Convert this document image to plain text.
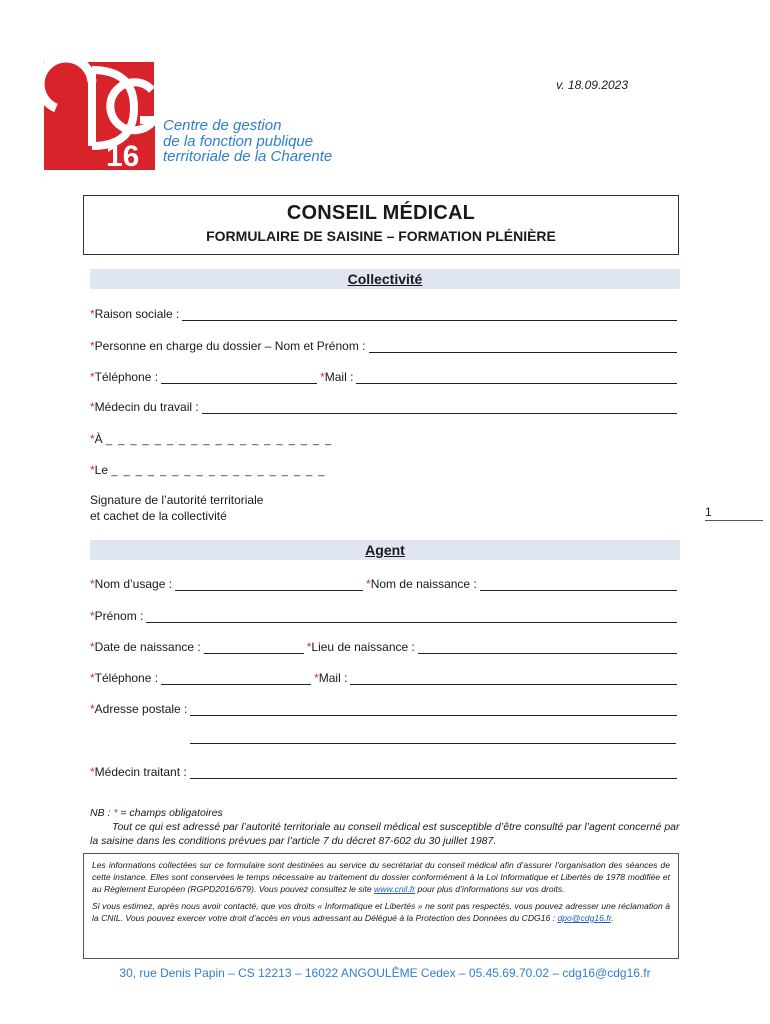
16
Centre de gestion
de la fonction publique
territoriale de la Charente
v. 18.09.2023
CONSEIL MÉDICAL
FORMULAIRE DE SAISINE – FORMATION PLÉNIÈRE
Collectivité
*Raison sociale :
*Personne en charge du dossier – Nom et Prénom :
*Téléphone :	*Mail :
*Médecin du travail :
*À _ _ _ _ _ _ _ _ _ _ _ _ _ _ _ _ _ _ _
*Le _ _ _ _ _ _ _ _ _ _ _ _ _ _ _ _ _ _
Signature de l’autorité territoriale
et cachet de la collectivité	1
Agent
*Nom d’usage :	*Nom de naissance :
*Prénom :
*Date de naissance :	*Lieu de naissance :
*Téléphone :	*Mail :
*Adresse postale :
*Médecin traitant :
NB : * = champs obligatoires
Tout ce qui est adressé par l’autorité territoriale au conseil médical est susceptible d’être consulté par l’agent concerné par la saisine dans les conditions prévues par l’article 7 du décret 87-602 du 30 juillet 1987.

Les informations collectées sur ce formulaire sont destinées au service du secrétariat du conseil médical afin d’assurer l’organisation des séances de cette instance. Elles sont conservées le temps nécessaire au traitement du dossier conformément à la Loi Informatique et Libertés de 1978 modifiée et au Règlement Européen (RGPD2016/679). Vous pouvez consultez le site www.cnil.fr pour plus d’informations sur vos droits.

Si vous estimez, après nous avoir contacté, que vos droits « Informatique et Libertés » ne sont pas respectés, vous pouvez adresser une réclamation à la CNIL. Vous pouvez exercer votre droit d’accès en vous adressant au Délégué à la Protection des Données du CDG16 : dpo@cdg16.fr.

30, rue Denis Papin – CS 12213 – 16022 ANGOULÊME Cedex – 05.45.69.70.02 – cdg16@cdg16.fr
